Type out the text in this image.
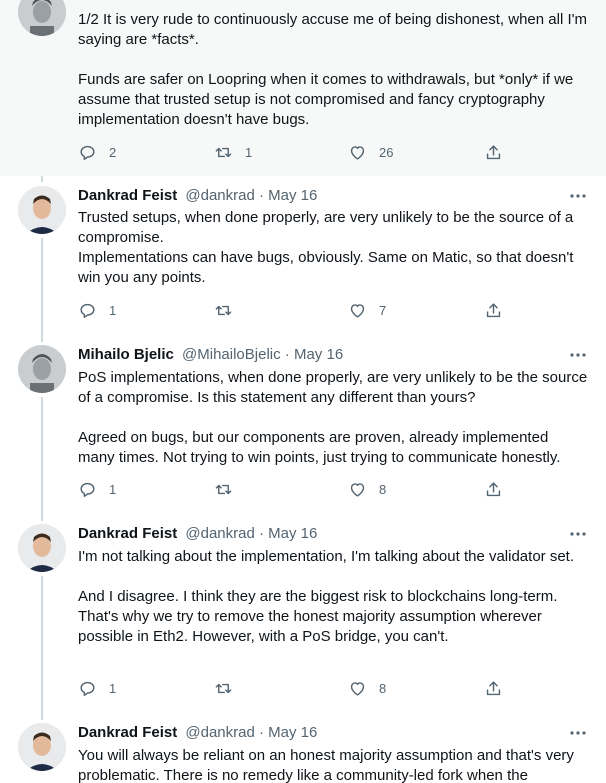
1/2 It is very rude to continuously accuse me of being dishonest, when all I'm saying are *facts*.

Funds are safer on Loopring when it comes to withdrawals, but *only* if we assume that trusted setup is not compromised and fancy cryptography implementation doesn't have bugs.
2	1	26
Dankrad Feist @dankrad · May 16
Trusted setups, when done properly, are very unlikely to be the source of a compromise.
Implementations can have bugs, obviously. Same on Matic, so that doesn't win you any points.
1	7
Mihailo Bjelic @MihailoBjelic · May 16
PoS implementations, when done properly, are very unlikely to be the source of a compromise. Is this statement any different than yours?

Agreed on bugs, but our components are proven, already implemented many times. Not trying to win points, just trying to communicate honestly.
1	8
Dankrad Feist @dankrad · May 16
I'm not talking about the implementation, I'm talking about the validator set.

And I disagree. I think they are the biggest risk to blockchains long-term. That's why we try to remove the honest majority assumption wherever possible in Eth2. However, with a PoS bridge, you can't.
1	8
Dankrad Feist @dankrad · May 16
You will always be reliant on an honest majority assumption and that's very problematic. There is no remedy like a community-led fork when the
